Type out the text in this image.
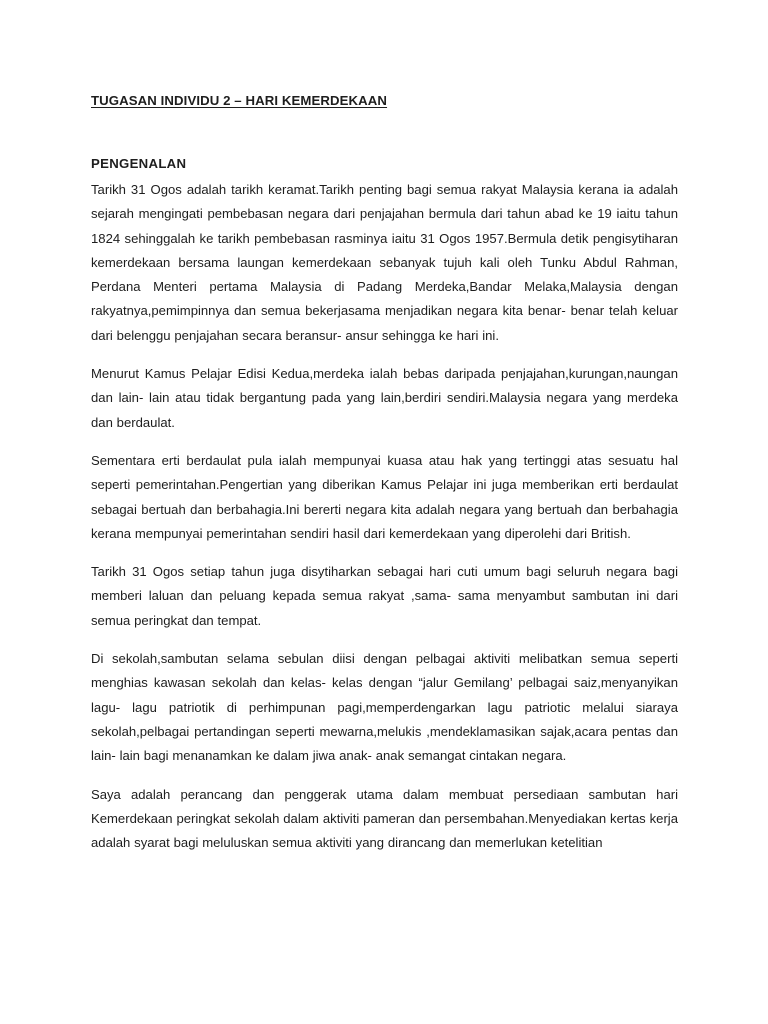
TUGASAN INDIVIDU 2 – HARI KEMERDEKAAN
PENGENALAN

Tarikh 31 Ogos adalah tarikh keramat.Tarikh penting bagi semua rakyat Malaysia kerana ia adalah sejarah mengingati pembebasan negara dari penjajahan bermula dari tahun abad ke 19 iaitu tahun 1824 sehinggalah ke tarikh pembebasan rasminya iaitu 31 Ogos 1957.Bermula detik pengisytiharan kemerdekaan bersama laungan kemerdekaan sebanyak tujuh kali oleh Tunku Abdul Rahman, Perdana Menteri pertama Malaysia di Padang Merdeka,Bandar Melaka,Malaysia dengan rakyatnya,pemimpinnya dan semua bekerjasama menjadikan negara kita benar- benar telah keluar dari belenggu penjajahan secara beransur- ansur sehingga ke hari ini.

Menurut Kamus Pelajar Edisi Kedua,merdeka ialah bebas daripada penjajahan,kurungan,naungan dan lain- lain atau tidak bergantung pada yang lain,berdiri sendiri.Malaysia negara yang merdeka dan berdaulat.

Sementara erti berdaulat pula ialah mempunyai kuasa atau hak yang tertinggi atas sesuatu hal seperti pemerintahan.Pengertian yang diberikan Kamus Pelajar ini juga memberikan erti berdaulat sebagai bertuah dan berbahagia.Ini bererti negara kita adalah negara yang bertuah dan berbahagia kerana mempunyai pemerintahan sendiri hasil dari kemerdekaan yang diperolehi dari British.

Tarikh 31 Ogos setiap tahun juga disytiharkan sebagai hari cuti umum bagi seluruh negara bagi memberi laluan dan peluang kepada semua rakyat ,sama- sama menyambut sambutan ini dari semua peringkat dan tempat.

Di sekolah,sambutan selama sebulan diisi dengan pelbagai aktiviti melibatkan semua seperti menghias kawasan sekolah dan kelas- kelas dengan “jalur Gemilang’ pelbagai saiz,menyanyikan lagu- lagu patriotik di perhimpunan pagi,memperdengarkan lagu patriotic melalui siaraya sekolah,pelbagai pertandingan seperti mewarna,melukis ,mendeklamasikan sajak,acara pentas dan lain- lain bagi menanamkan ke dalam jiwa anak- anak semangat cintakan negara.

Saya adalah perancang dan penggerak utama dalam membuat persediaan sambutan hari Kemerdekaan peringkat sekolah dalam aktiviti pameran dan persembahan.Menyediakan kertas kerja adalah syarat bagi meluluskan semua aktiviti yang dirancang dan memerlukan ketelitian
